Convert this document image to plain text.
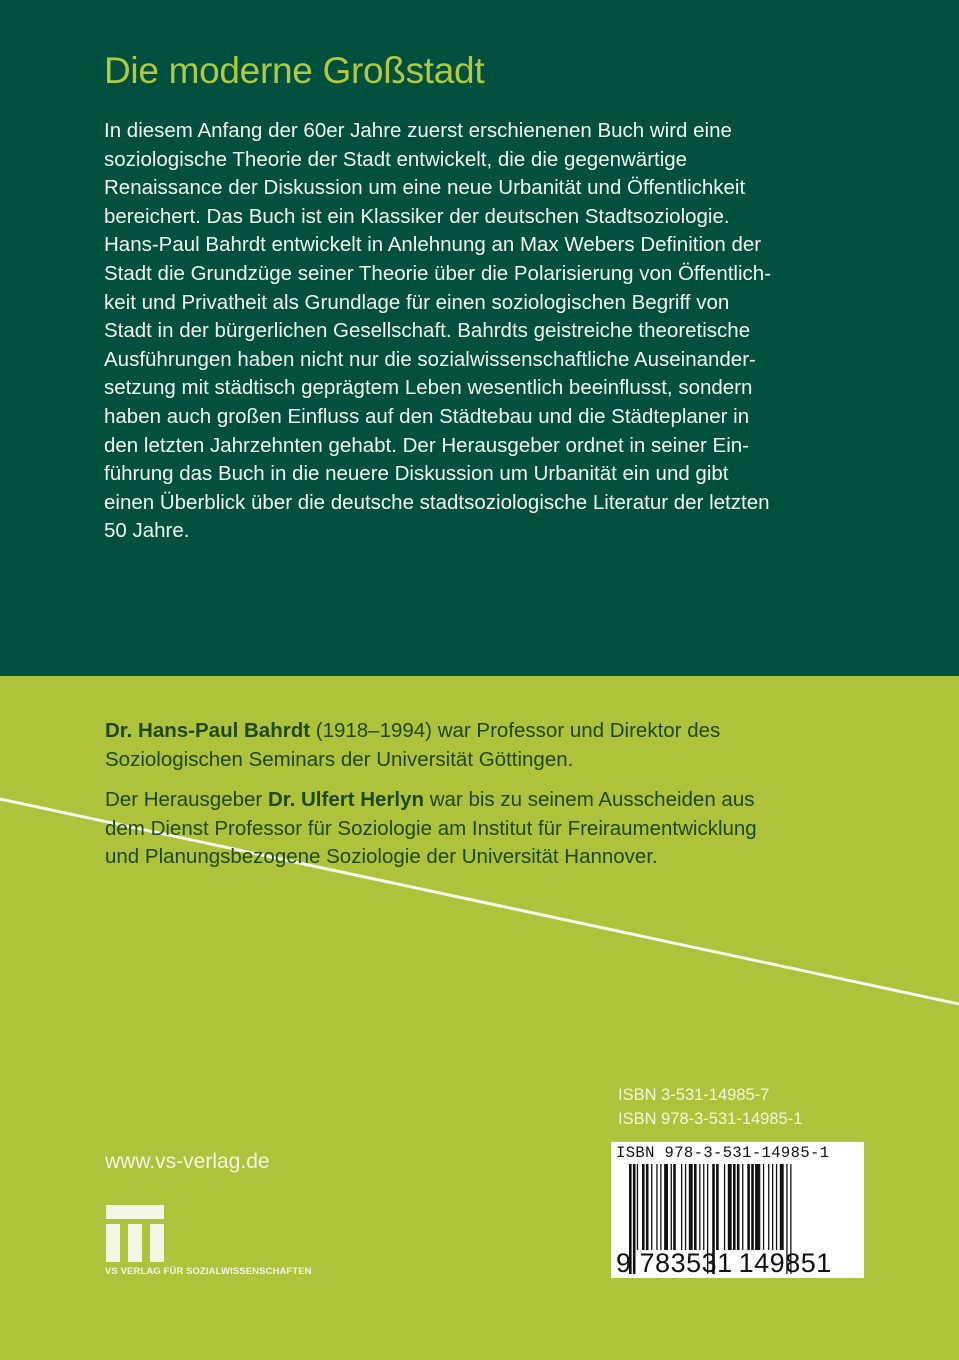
Die moderne Großstadt
In diesem Anfang der 60er Jahre zuerst erschienenen Buch wird eine
soziologische Theorie der Stadt entwickelt, die die gegenwärtige
Renaissance der Diskussion um eine neue Urbanität und Öffentlichkeit
bereichert. Das Buch ist ein Klassiker der deutschen Stadtsoziologie.
Hans-Paul Bahrdt entwickelt in Anlehnung an Max Webers Definition der
Stadt die Grundzüge seiner Theorie über die Polarisierung von Öffentlich-
keit und Privatheit als Grundlage für einen soziologischen Begriff von
Stadt in der bürgerlichen Gesellschaft. Bahrdts geistreiche theoretische
Ausführungen haben nicht nur die sozialwissenschaftliche Auseinander-
setzung mit städtisch geprägtem Leben wesentlich beeinflusst, sondern
haben auch großen Einfluss auf den Städtebau und die Städteplaner in
den letzten Jahrzehnten gehabt. Der Herausgeber ordnet in seiner Ein-
führung das Buch in die neuere Diskussion um Urbanität ein und gibt
einen Überblick über die deutsche stadtsoziologische Literatur der letzten
50 Jahre.
Dr. Hans-Paul Bahrdt (1918–1994) war Professor und Direktor des
Soziologischen Seminars der Universität Göttingen.
Der Herausgeber Dr. Ulfert Herlyn war bis zu seinem Ausscheiden aus
dem Dienst Professor für Soziologie am Institut für Freiraumentwicklung
und Planungsbezogene Soziologie der Universität Hannover.
www.vs-verlag.de
VS VERLAG FÜR SOZIALWISSENSCHAFTEN
ISBN 3-531-14985-7
ISBN 978-3-531-14985-1
ISBN 978-3-531-14985-1
9 783531 149851
